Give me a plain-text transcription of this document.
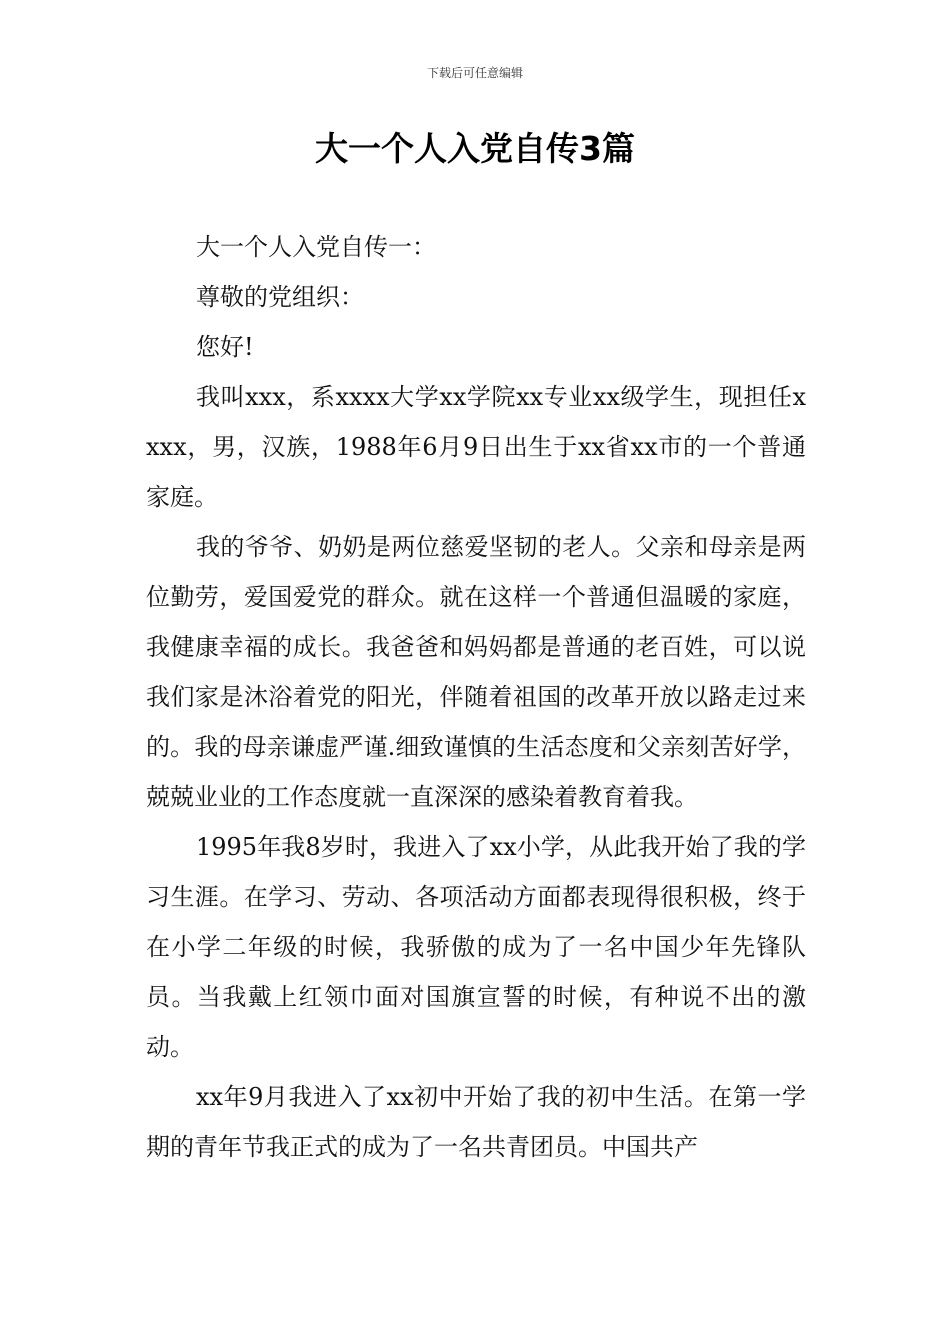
下载后可任意编辑
大一个人入党自传3篇

大一个人入党自传一：

尊敬的党组织：

您好!

我叫xxx，系xxxx大学xx学院xx专业xx级学生，现担任xxxx，男，汉族，1988年6月9日出生于xx省xx市的一个普通家庭。

我的爷爷、奶奶是两位慈爱坚韧的老人。父亲和母亲是两位勤劳，爱国爱党的群众。就在这样一个普通但温暖的家庭，我健康幸福的成长。我爸爸和妈妈都是普通的老百姓，可以说我们家是沐浴着党的阳光，伴随着祖国的改革开放以路走过来的。我的母亲谦虚严谨.细致谨慎的生活态度和父亲刻苦好学，兢兢业业的工作态度就一直深深的感染着教育着我。

1995年我8岁时，我进入了xx小学，从此我开始了我的学习生涯。在学习、劳动、各项活动方面都表现得很积极，终于在小学二年级的时候，我骄傲的成为了一名中国少年先锋队员。当我戴上红领巾面对国旗宣誓的时候，有种说不出的激动。

xx年9月我进入了xx初中开始了我的初中生活。在第一学期的青年节我正式的成为了一名共青团员。中国共产
